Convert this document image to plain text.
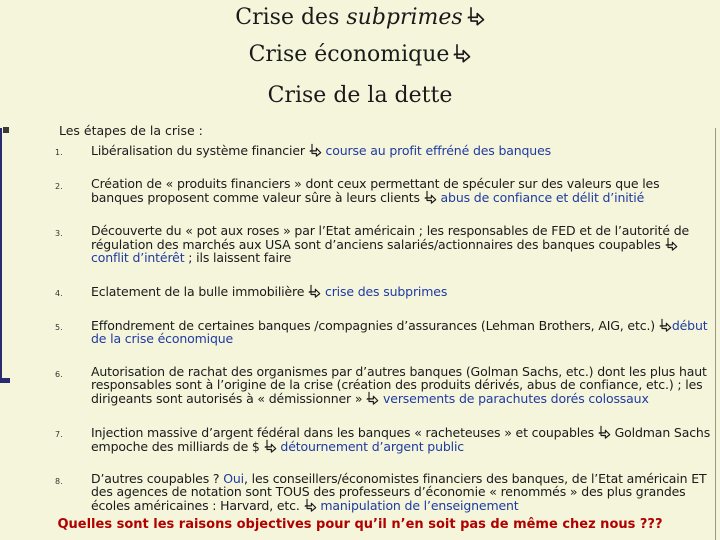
Crise des subprimes
Crise économique
Crise de la dette
Les étapes de la crise :
1. Libéralisation du système financier course au profit effréné des banques
2. Création de « produits financiers » dont ceux permettant de spéculer sur des valeurs que les banques proposent comme valeur sûre à leurs clients abus de confiance et délit d’initié
3. Découverte du « pot aux roses » par l’Etat américain ; les responsables de FED et de l’autorité de régulation des marchés aux USA sont d’anciens salariés/actionnaires des banques coupables conflit d’intérêt ; ils laissent faire
4. Eclatement de la bulle immobilière crise des subprimes
5. Effondrement de certaines banques /compagnies d’assurances (Lehman Brothers, AIG, etc.) début de la crise économique
6. Autorisation de rachat des organismes par d’autres banques (Golman Sachs, etc.) dont les plus haut responsables sont à l’origine de la crise (création des produits dérivés, abus de confiance, etc.) ; les dirigeants sont autorisés à « démissionner » versements de parachutes dorés colossaux
7. Injection massive d’argent fédéral dans les banques « racheteuses » et coupables Goldman Sachs empoche des milliards de $ détournement d’argent public
8. D’autres coupables ? Oui, les conseillers/économistes financiers des banques, de l’Etat américain ET des agences de notation sont TOUS des professeurs d’économie « renommés » des plus grandes écoles américaines : Harvard, etc. manipulation de l’enseignement
Quelles sont les raisons objectives pour qu’il n’en soit pas de même chez nous ???
